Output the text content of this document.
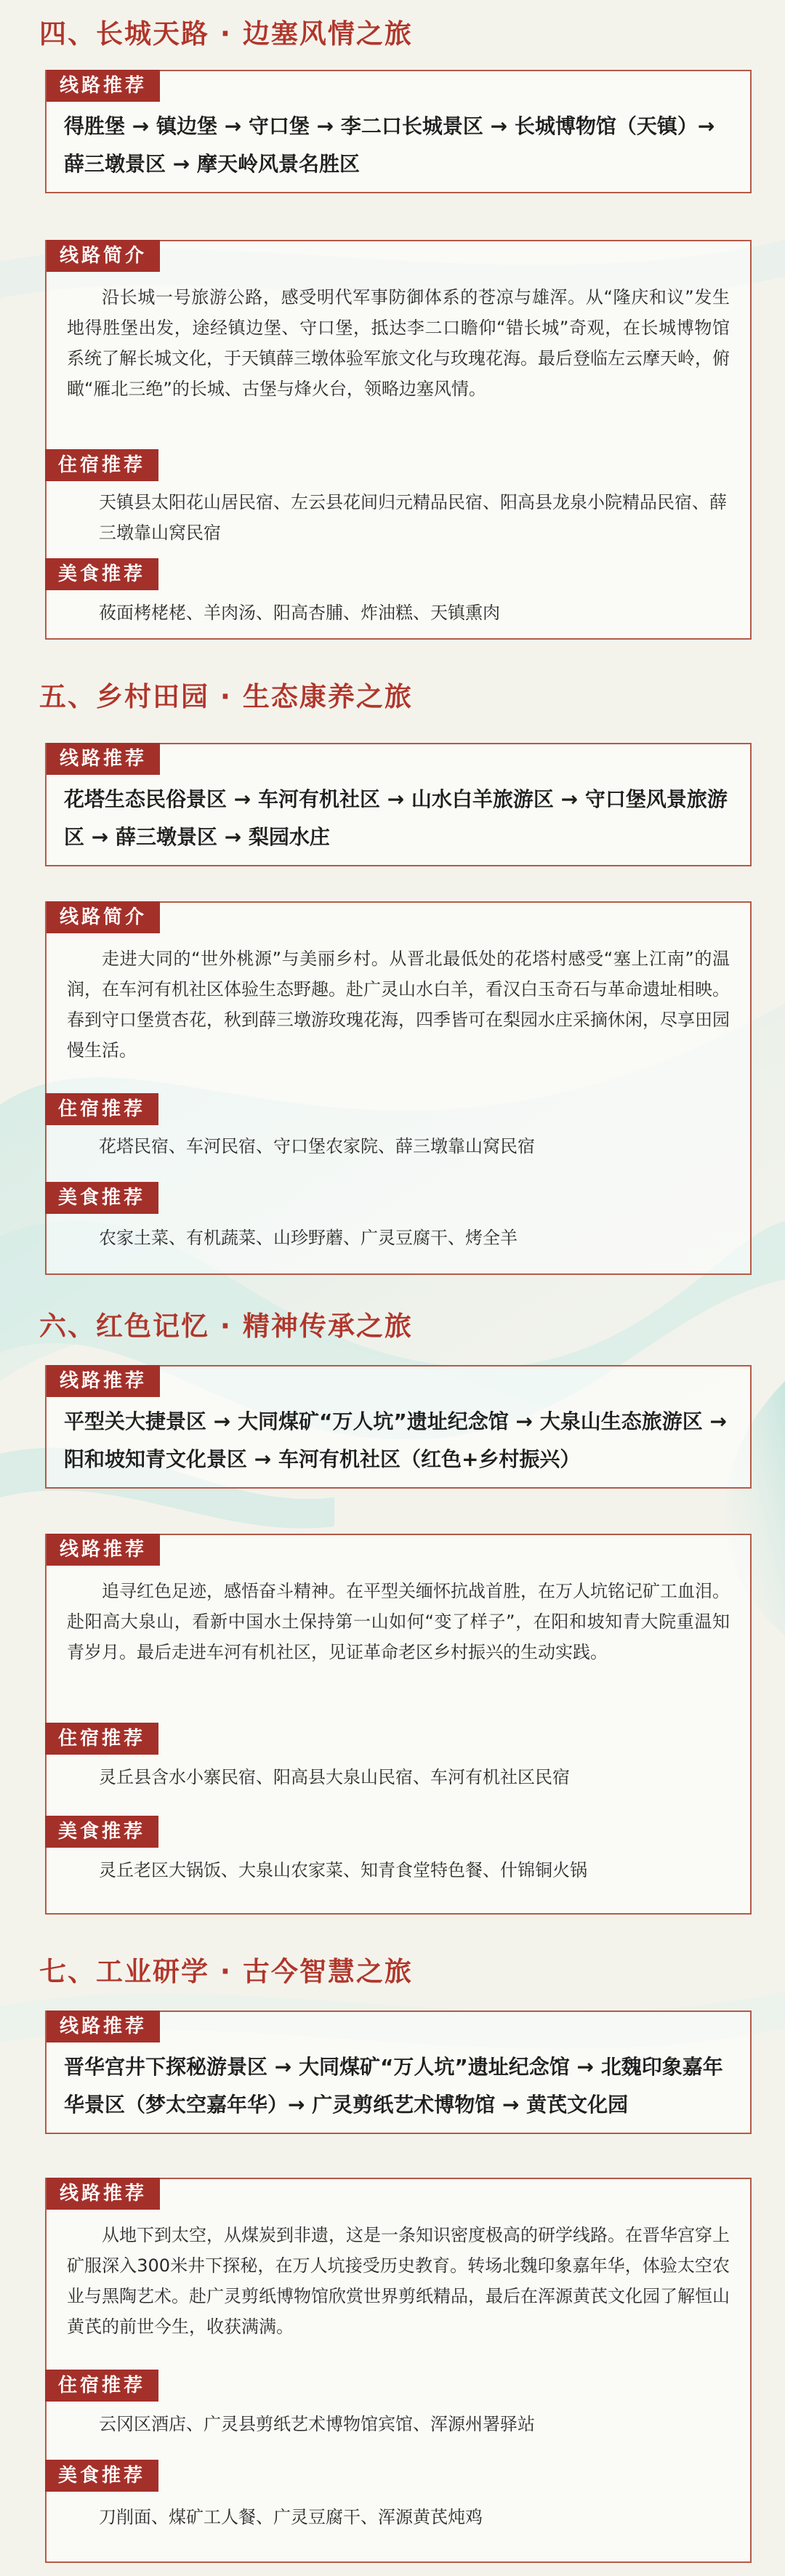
四、长城天路 · 边塞风情之旅
线路推荐
得胜堡 → 镇边堡 → 守口堡 → 李二口长城景区 → 长城博物馆（天镇）→ 薛三墩景区 → 摩天岭风景名胜区
线路简介
沿长城一号旅游公路，感受明代军事防御体系的苍凉与雄浑。从“隆庆和议”发生地得胜堡出发，途经镇边堡、守口堡，抵达李二口瞻仰“错长城”奇观，在长城博物馆系统了解长城文化，于天镇薛三墩体验军旅文化与玫瑰花海。最后登临左云摩天岭，俯瞰“雁北三绝”的长城、古堡与烽火台，领略边塞风情。
住宿推荐
天镇县太阳花山居民宿、左云县花间归元精品民宿、阳高县龙泉小院精品民宿、薛三墩靠山窝民宿
美食推荐
莜面栲栳栳、羊肉汤、阳高杏脯、炸油糕、天镇熏肉
五、乡村田园 · 生态康养之旅
线路推荐
花塔生态民俗景区 → 车河有机社区 → 山水白羊旅游区 → 守口堡风景旅游区 → 薛三墩景区 → 梨园水庄
线路简介
走进大同的“世外桃源”与美丽乡村。从晋北最低处的花塔村感受“塞上江南”的温润，在车河有机社区体验生态野趣。赴广灵山水白羊，看汉白玉奇石与革命遗址相映。春到守口堡赏杏花，秋到薛三墩游玫瑰花海，四季皆可在梨园水庄采摘休闲，尽享田园慢生活。
住宿推荐
花塔民宿、车河民宿、守口堡农家院、薛三墩靠山窝民宿
美食推荐
农家土菜、有机蔬菜、山珍野蘑、广灵豆腐干、烤全羊
六、红色记忆 · 精神传承之旅
线路推荐
平型关大捷景区 → 大同煤矿“万人坑”遗址纪念馆 → 大泉山生态旅游区 → 阳和坡知青文化景区 → 车河有机社区（红色+乡村振兴）
线路推荐
追寻红色足迹，感悟奋斗精神。在平型关缅怀抗战首胜，在万人坑铭记矿工血泪。赴阳高大泉山，看新中国水土保持第一山如何“变了样子”，在阳和坡知青大院重温知青岁月。最后走进车河有机社区，见证革命老区乡村振兴的生动实践。
住宿推荐
灵丘县含水小寨民宿、阳高县大泉山民宿、车河有机社区民宿
美食推荐
灵丘老区大锅饭、大泉山农家菜、知青食堂特色餐、什锦铜火锅
七、工业研学 · 古今智慧之旅
线路推荐
晋华宫井下探秘游景区 → 大同煤矿“万人坑”遗址纪念馆 → 北魏印象嘉年华景区（梦太空嘉年华）→ 广灵剪纸艺术博物馆 → 黄芪文化园
线路推荐
从地下到太空，从煤炭到非遗，这是一条知识密度极高的研学线路。在晋华宫穿上矿服深入300米井下探秘，在万人坑接受历史教育。转场北魏印象嘉年华，体验太空农业与黑陶艺术。赴广灵剪纸博物馆欣赏世界剪纸精品，最后在浑源黄芪文化园了解恒山黄芪的前世今生，收获满满。
住宿推荐
云冈区酒店、广灵县剪纸艺术博物馆宾馆、浑源州署驿站
美食推荐
刀削面、煤矿工人餐、广灵豆腐干、浑源黄芪炖鸡
